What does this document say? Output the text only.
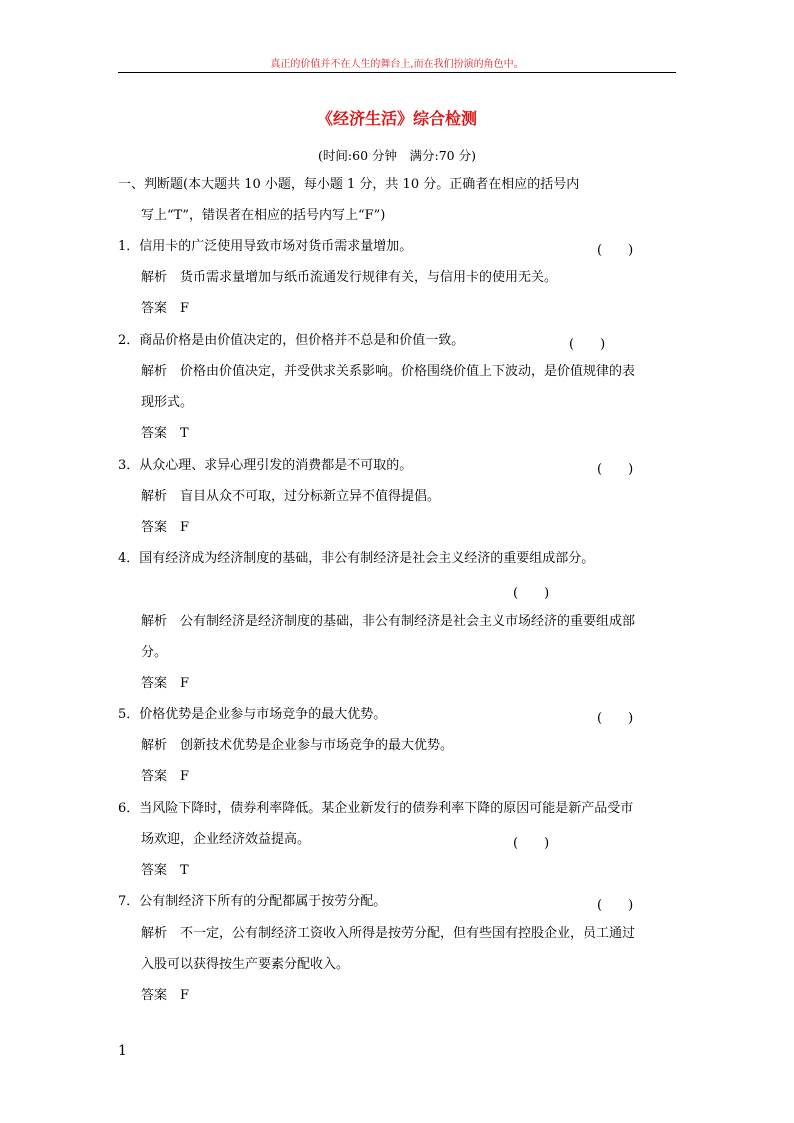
真正的价值并不在人生的舞台上,而在我们扮演的角色中。
《经济生活》综合检测
(时间:60 分钟　满分:70 分)
一、判断题(本大题共 10 小题，每小题 1 分，共 10 分。正确者在相应的括号内
写上“T”，错误者在相应的括号内写上“F”)
1．信用卡的广泛使用导致市场对货币需求量增加。	(　　)
解析　货币需求量增加与纸币流通发行规律有关，与信用卡的使用无关。
答案　F
2．商品价格是由价值决定的，但价格并不总是和价值一致。	(　　)
解析　价格由价值决定，并受供求关系影响。价格围绕价值上下波动，是价值规律的表
现形式。
答案　T
3．从众心理、求异心理引发的消费都是不可取的。	(　　)
解析　盲目从众不可取，过分标新立异不值得提倡。
答案　F
4．国有经济成为经济制度的基础，非公有制经济是社会主义经济的重要组成部分。
(　　)
解析　公有制经济是经济制度的基础，非公有制经济是社会主义市场经济的重要组成部
分。
答案　F
5．价格优势是企业参与市场竞争的最大优势。	(　　)
解析　创新技术优势是企业参与市场竞争的最大优势。
答案　F
6．当风险下降时，债券利率降低。某企业新发行的债券利率下降的原因可能是新产品受市
场欢迎，企业经济效益提高。	(　　)
答案　T
7．公有制经济下所有的分配都属于按劳分配。	(　　)
解析　不一定，公有制经济工资收入所得是按劳分配，但有些国有控股企业，员工通过
入股可以获得按生产要素分配收入。
答案　F
1
